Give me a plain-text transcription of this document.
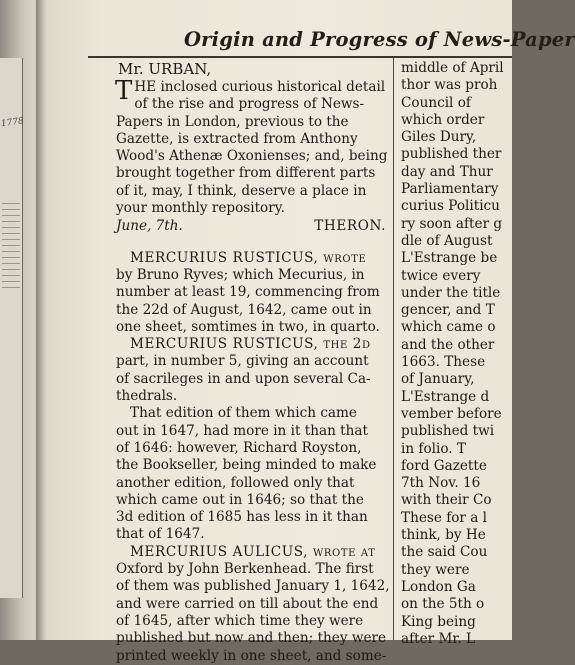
1778
Origin and Progress of News-Paper

Mr. URBAN,

T HE inclosed curious historical detail
of the rise and progress of News-
Papers in London, previous to the
Gazette, is extracted from Anthony
Wood's Athenæ Oxonienses; and, being
brought together from different parts
of it, may, I think, deserve a place in
your monthly repository.
June, 7th.	THERON.
MERCURIUS RUSTICUS, wrote
by Bruno Ryves; which Mecurius, in
number at least 19, commencing from
the 22d of August, 1642, came out in
one sheet, somtimes in two, in quarto.
MERCURIUS RUSTICUS, the 2d
part, in number 5, giving an account
of sacrileges in and upon several Ca-
thedrals.
That edition of them which came
out in 1647, had more in it than that
of 1646: however, Richard Royston,
the Bookseller, being minded to make
another edition, followed only that
which came out in 1646; so that the
3d edition of 1685 has less in it than
that of 1647.
MERCURIUS AULICUS, wrote at
Oxford by John Berkenhead. The first
of them was published January 1, 1642,
and were carried on till about the end
of 1645, after which time they were
published but now and then; they were
printed weekly in one sheet, and some-
middle of April
thor was proh
Council of
which order
Giles Dury,
published ther
day and Thur
Parliamentary
curius Politicu
ry soon after g
dle of August
L'Estrange be
twice every
under the title
gencer, and T
which came o
and the other
1663. These
of January,
L'Estrange d
vember before
published twi
in folio. T
ford Gazette
7th Nov. 16
with their Co
These for a l
think, by He
the said Cou
they were
London Ga
on the 5th o
King being
after Mr. L
